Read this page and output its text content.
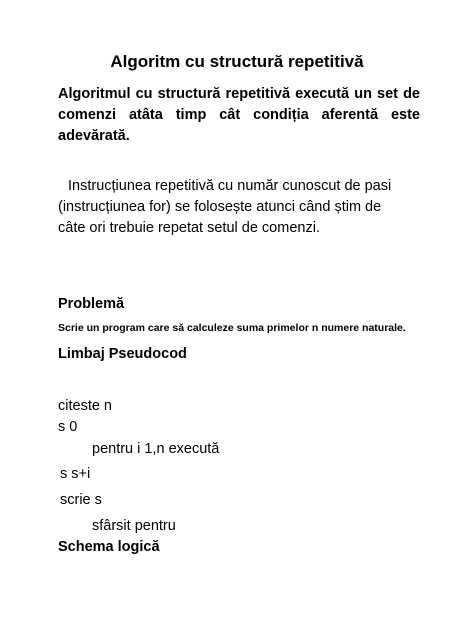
Algoritm cu structură repetitivă
Algoritmul cu structură repetitivă execută un set de
comenzi atâta timp cât condiția aferentă este
adevărată.
Instrucțiunea repetitivă cu număr cunoscut de pasi
(instrucțiunea for) se folosește atunci când știm de
câte ori trebuie repetat setul de comenzi.
Problemă
Scrie un program care să calculeze suma primelor n numere naturale.
Limbaj Pseudocod
citeste n
s 0
pentru i 1,n execută
s s+i
scrie s
sfârsit pentru
Schema logică
